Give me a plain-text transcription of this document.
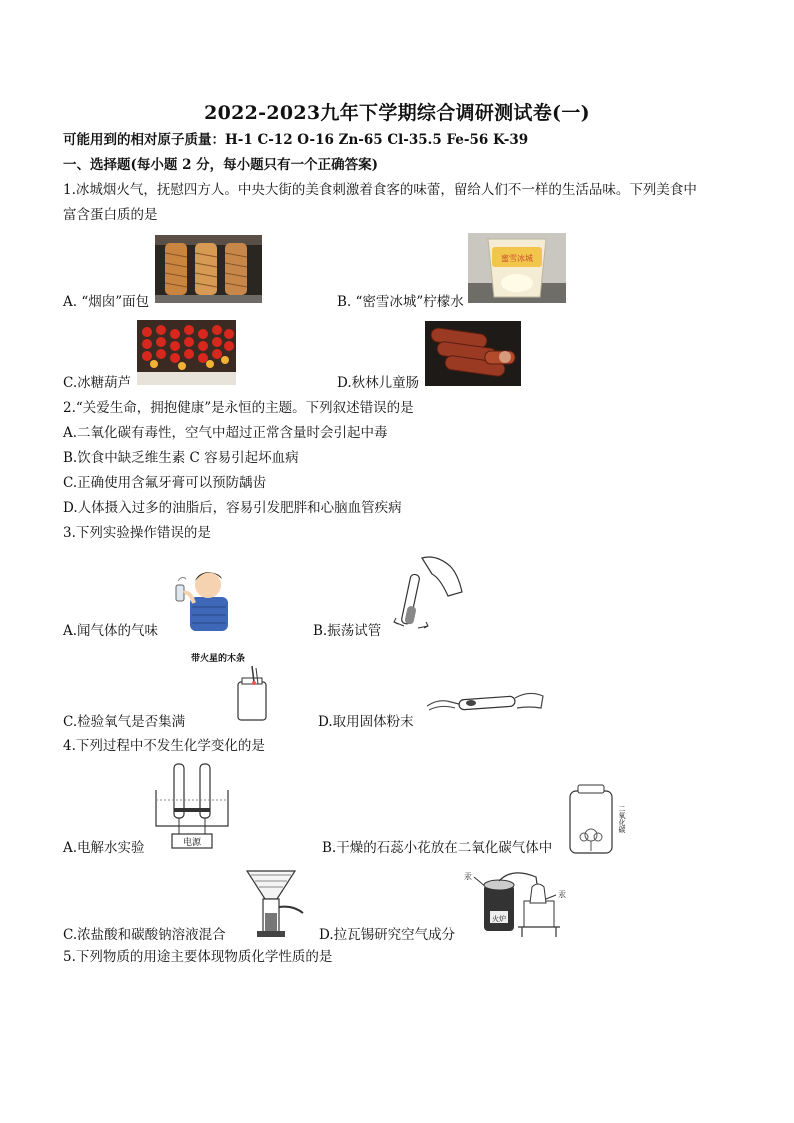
2022-2023九年下学期综合调研测试卷(一)
可能用到的相对原子质量：H-1 C-12 O-16 Zn-65 Cl-35.5 Fe-56 K-39
一、选择题(每小题 2 分，每小题只有一个正确答案)
1.冰城烟火气，抚慰四方人。中央大街的美食刺激着食客的味蕾，留给人们不一样的生活品味。下列美食中
富含蛋白质的是
A. “烟囱”面包
蜜雪冰城
B. “密雪冰城”柠檬水
C.冰糖葫芦	D.秋林儿童肠
2.“关爱生命，拥抱健康”是永恒的主题。下列叙述错误的是
A.二氧化碳有毒性，空气中超过正常含量时会引起中毒
B.饮食中缺乏维生素 C 容易引起坏血病
C.正确使用含氟牙膏可以预防龋齿
D.人体摄入过多的油脂后，容易引发肥胖和心脑血管疾病
3.下列实验操作错误的是
A.闻气体的气味	B.振荡试管
带火星的木条
C.检验氧气是否集满	D.取用固体粉末
4.下列过程中不发生化学变化的是
电源
A.电解水实验
二氧化碳
B.干燥的石蕊小花放在二氧化碳气体中
C.浓盐酸和碳酸钠溶液混合
汞
火炉
汞
D.拉瓦锡研究空气成分
5.下列物质的用途主要体现物质化学性质的是
